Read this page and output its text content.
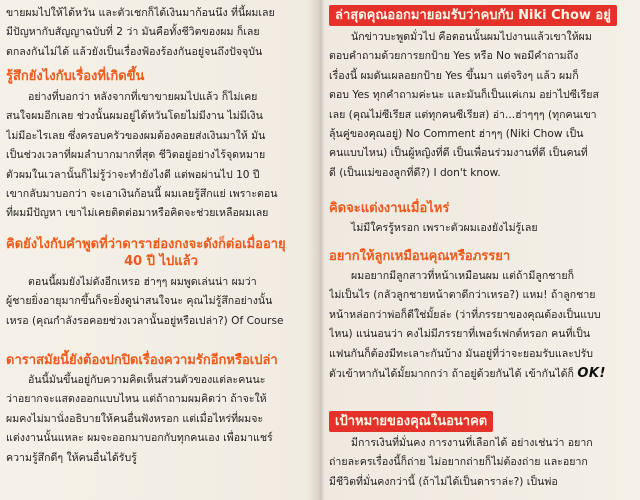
ขายผมไปให้ได้หวัน และตัวเชกก็ได้เงินมาก้อนนึง ที่นี้ผมเลย

มีปัญหากับสัญญาฉบับที่ 2 ว่า มันคือทั้งชีวิตของผม ก็เลย

ตกลงกันไม่ได้ แล้วยังเป็นเรื่องฟ้องร้องกันอยู่จนถึงปัจจุบัน

รู้สึกยังไงกับเรื่องที่เกิดขึ้น

อย่างที่บอกว่า หลังจากที่เขาขายผมไปแล้ว ก็ไม่เคย

สนใจผมอีกเลย ช่วงนั้นผมอยู่ได้หวันโดยไม่มีงาน ไม่มีเงิน

ไม่มีอะไรเลย ซึ่งครอบครัวของผมต้องคอยส่งเงินมาให้ มัน

เป็นช่วงเวลาที่ผมลำบากมากที่สุด ชีวิตอยู่อย่างไร้จุดหมาย

ตัวผมในเวลานั้นก็ไม่รู้ว่าจะทำยังไงดี แต่พอผ่านไป 10 ปี

เขากลับมาบอกว่า จะเอาเงินก้อนนี้ ผมเลยรู้สึกแย่ เพราะตอน

ที่ผมมีปัญหา เขาไม่เคยติดต่อมาหรือคิดจะช่วยเหลือผมเลย

คิดยังไงกับคำพูดที่ว่าดาราฮ่องกงจะดังก็ต่อเมื่ออายุ
40 ปี ไปแล้ว

ตอนนี้ผมยังไม่ดังอีกเหรอ ฮ่าๆๆ ผมพูดเล่นน่า ผมว่า

ผู้ชายยิ่งอายุมากขึ้นก็จะยิ่งดูน่าสนใจนะ คุณไม่รู้สึกอย่างนั้น

เหรอ (คุณกำลังรอคอยช่วงเวลานั้นอยู่หรือเปล่า?) Of Course

ดาราสมัยนี้ยังต้องปกปิดเรื่องความรักอีกหรือเปล่า

อันนี้มันขึ้นอยู่กับความคิดเห็นส่วนตัวของแต่ละคนนะ

ว่าอยากจะแสดงออกแบบไหน แต่ถ้าถามผมคิดว่า ถ้าจะให้

ผมคงไม่มานั่งอธิบายให้คนอื่นฟังหรอก แต่เมื่อไหร่ที่ผมจะ

แต่งงานนั้นแหละ ผมจะออกมาบอกกับทุกคนเอง เพื่อมาแชร์

ความรู้สึกดีๆ ให้คนอื่นได้รับรู้

ล่าสุดคุณออกมายอมรับว่าคบกับ Niki Chow อยู่

นักข่าวบะพูดมั่วไป คือตอนนั้นผมไปงานแล้วเขาให้ผม

ตอบคำถามด้วยการยกป้าย Yes หรือ No พอมีคำถามถึง

เรื่องนี้ ผมดันเผลอยกป้าย Yes ขึ้นมา แต่จริงๆ แล้ว ผมก็

ตอบ Yes ทุกคำถามค่ะนะ และมันก็เป็นแค่เกม อย่าไปซีเรียส

เลย (คุณไม่ซีเรียส แต่ทุกคนซีเรียส) อ่า...ฮ่าๆๆๆ (ทุกคนเขา

ลุ้นคู่ของคุณอยู่) No Comment ฮ่าๆๆ (Niki Chow เป็น

คนแบบไหน) เป็นผู้หญิงที่ดี เป็นเพื่อนร่วมงานที่ดี เป็นคนที่

ดี (เป็นแม่ของลูกที่ดี?) I don't know.

คิดจะแต่งงานเมื่อไหร่

ไม่มีใครรู้หรอก เพราะตัวผมเองยังไม่รู้เลย

อยากให้ลูกเหมือนคุณหรือภรรยา

ผมอยากมีลูกสาวที่หน้าเหมือนผม แต่ถ้ามีลูกชายก็

ไม่เป็นไร (กลัวลูกชายหน้าตาดีกว่าเหรอ?) แหม! ถ้าลูกชาย

หน้าหล่อกว่าพ่อก็ดีใช่มั้ยล่ะ (ว่าที่ภรรยาของคุณต้องเป็นแบบ

ไหน) แน่นอนว่า คงไม่มีภรรยาที่เพอร์เฟกต์หรอก คนที่เป็น

แฟนกันก็ต้องมีทะเลาะกันบ้าง มันอยู่ที่ว่าจะยอมรับและปรับ

ตัวเข้าหากันได้มั้ยมากกว่า ถ้าอยู่ด้วยกันได้ เข้ากันได้ก็ OK!

เป้าหมายของคุณในอนาคต

มีการเงินที่มั่นคง การงานที่เลือกได้ อย่างเช่นว่า อยาก

ถ่ายละครเรื่องนี้ก็ถ่าย ไม่อยากถ่ายก็ไม่ต้องถ่าย และอยาก

มีชีวิตที่มั่นคงกว่านี้ (ถ้าไม่ได้เป็นดาราล่ะ?) เป็นพ่อ
